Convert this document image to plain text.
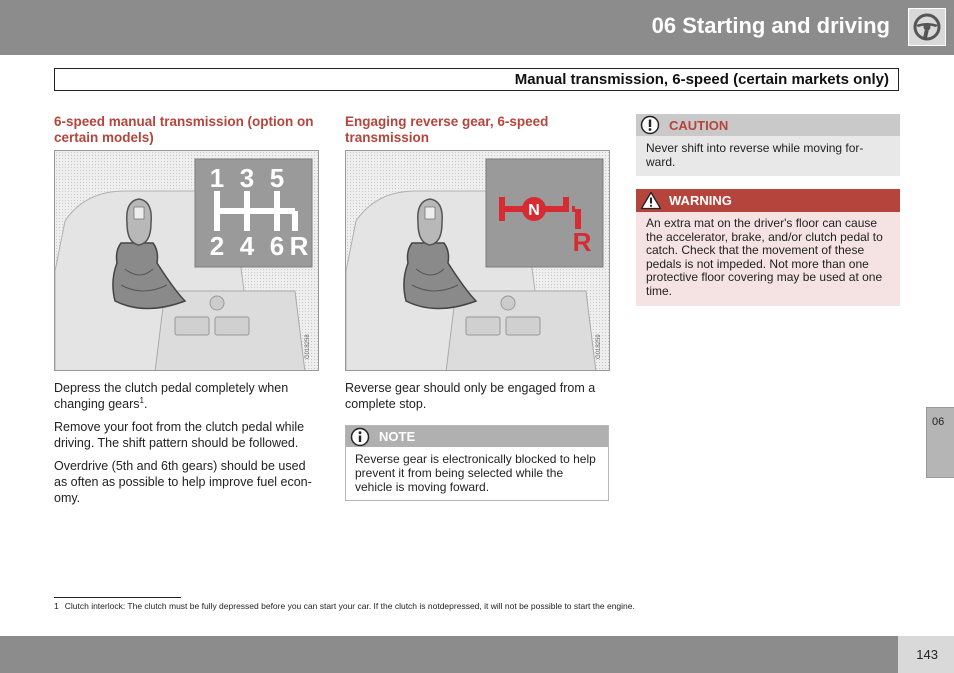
06 Starting and driving
Manual transmission, 6-speed (certain markets only)
6-speed manual transmission (option on certain models)
1 3 5
2 4 6 R
G018258

Depress the clutch pedal completely when changing gears$^1$.

Remove your foot from the clutch pedal while driving. The shift pattern should be followed.

Overdrive (5th and 6th gears) should be used as often as possible to help improve fuel econ-omy.

Engaging reverse gear, 6-speed transmission
N
R
G018259

Reverse gear should only be engaged from a complete stop.

NOTE
Reverse gear is electronically blocked to help prevent it from being selected while the vehicle is moving foward.
CAUTION
Never shift into reverse while moving for-ward.
WARNING
An extra mat on the driver's floor can cause the accelerator, brake, and/or clutch pedal to catch. Check that the movement of these pedals is not impeded. Not more than one protective floor covering may be used at one time.
06
1 Clutch interlock: The clutch must be fully depressed before you can start your car. If the clutch is notdepressed, it will not be possible to start the engine.
143
